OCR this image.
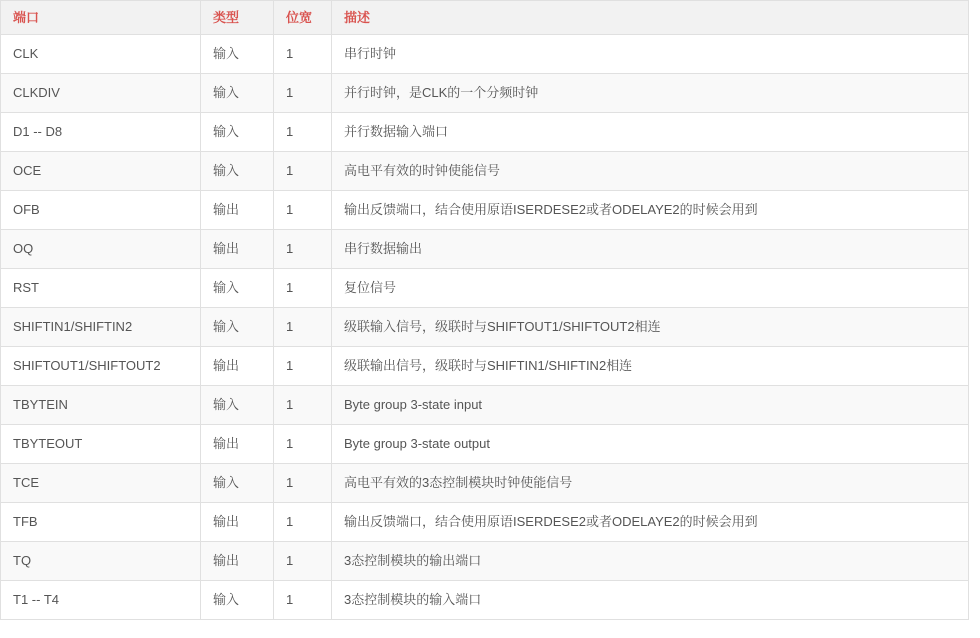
端口	类型	位宽	描述
CLK	输入	1	串行时钟
CLKDIV	输入	1	并行时钟，是CLK的一个分频时钟
D1 -- D8	输入	1	并行数据输入端口
OCE	输入	1	高电平有效的时钟使能信号
OFB	输出	1	输出反馈端口，结合使用原语ISERDESE2或者ODELAYE2的时候会用到
OQ	输出	1	串行数据输出
RST	输入	1	复位信号
SHIFTIN1/SHIFTIN2	输入	1	级联输入信号，级联时与SHIFTOUT1/SHIFTOUT2相连
SHIFTOUT1/SHIFTOUT2	输出	1	级联输出信号，级联时与SHIFTIN1/SHIFTIN2相连
TBYTEIN	输入	1	Byte group 3-state input
TBYTEOUT	输出	1	Byte group 3-state output
TCE	输入	1	高电平有效的3态控制模块时钟使能信号
TFB	输出	1	输出反馈端口，结合使用原语ISERDESE2或者ODELAYE2的时候会用到
TQ	输出	1	3态控制模块的输出端口
T1 -- T4	输入	1	3态控制模块的输入端口
